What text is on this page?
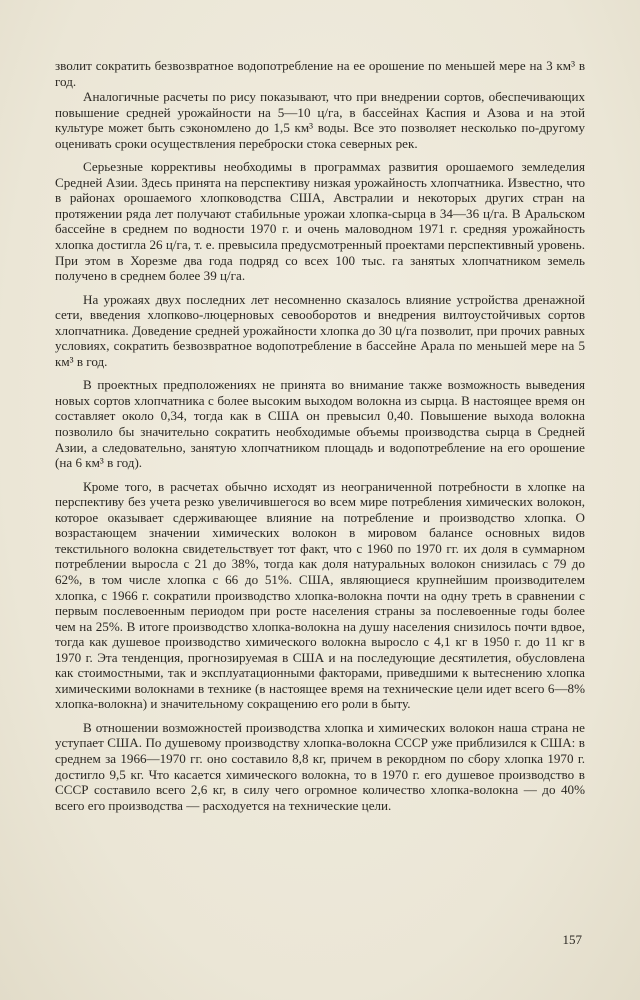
зволит сократить безвозвратное водопотребление на ее орошение по меньшей мере на 3 км³ в год.

Аналогичные расчеты по рису показывают, что при внедрении сортов, обеспечивающих повышение средней урожайности на 5—10 ц/га, в бассейнах Каспия и Азова и на этой культуре может быть сэкономлено до 1,5 км³ воды. Все это позволяет несколько по-другому оценивать сроки осуществления переброски стока северных рек.

Серьезные коррективы необходимы в программах развития орошаемого земледелия Средней Азии. Здесь принята на перспективу низкая урожайность хлопчатника. Известно, что в районах орошаемого хлопководства США, Австралии и некоторых других стран на протяжении ряда лет получают стабильные урожаи хлопка-сырца в 34—36 ц/га. В Аральском бассейне в среднем по водности 1970 г. и очень маловодном 1971 г. средняя урожайность хлопка достигла 26 ц/га, т. е. превысила предусмотренный проектами перспективный уровень. При этом в Хорезме два года подряд со всех 100 тыс. га занятых хлопчатником земель получено в среднем более 39 ц/га.

На урожаях двух последних лет несомненно сказалось влияние устройства дренажной сети, введения хлопково-люцерновых севооборотов и внедрения вилтоустойчивых сортов хлопчатника. Доведение средней урожайности хлопка до 30 ц/га позволит, при прочих равных условиях, сократить безвозвратное водопотребление в бассейне Арала по меньшей мере на 5 км³ в год.

В проектных предположениях не принята во внимание также возможность выведения новых сортов хлопчатника с более высоким выходом волокна из сырца. В настоящее время он составляет около 0,34, тогда как в США он превысил 0,40. Повышение выхода волокна позволило бы значительно сократить необходимые объемы производства сырца в Средней Азии, а следовательно, занятую хлопчатником площадь и водопотребление на его орошение (на 6 км³ в год).

Кроме того, в расчетах обычно исходят из неограниченной потребности в хлопке на перспективу без учета резко увеличившегося во всем мире потребления химических волокон, которое оказывает сдерживающее влияние на потребление и производство хлопка. О возрастающем значении химических волокон в мировом балансе основных видов текстильного волокна свидетельствует тот факт, что с 1960 по 1970 гг. их доля в суммарном потреблении выросла с 21 до 38%, тогда как доля натуральных волокон снизилась с 79 до 62%, в том числе хлопка с 66 до 51%. США, являющиеся крупнейшим производителем хлопка, с 1966 г. сократили производство хлопка-волокна почти на одну треть в сравнении с первым послевоенным периодом при росте населения страны за послевоенные годы более чем на 25%. В итоге производство хлопка-волокна на душу населения снизилось почти вдвое, тогда как душевое производство химического волокна выросло с 4,1 кг в 1950 г. до 11 кг в 1970 г. Эта тенденция, прогнозируемая в США и на последующие десятилетия, обусловлена как стоимостными, так и эксплуатационными факторами, приведшими к вытеснению хлопка химическими волокнами в технике (в настоящее время на технические цели идет всего 6—8% хлопка-волокна) и значительному сокращению его роли в быту.

В отношении возможностей производства хлопка и химических волокон наша страна не уступает США. По душевому производству хлопка-волокна СССР уже приблизился к США: в среднем за 1966—1970 гг. оно составило 8,8 кг, причем в рекордном по сбору хлопка 1970 г. достигло 9,5 кг. Что касается химического волокна, то в 1970 г. его душевое производство в СССР составило всего 2,6 кг, в силу чего огромное количество хлопка-волокна — до 40% всего его производства — расходуется на технические цели.

157
